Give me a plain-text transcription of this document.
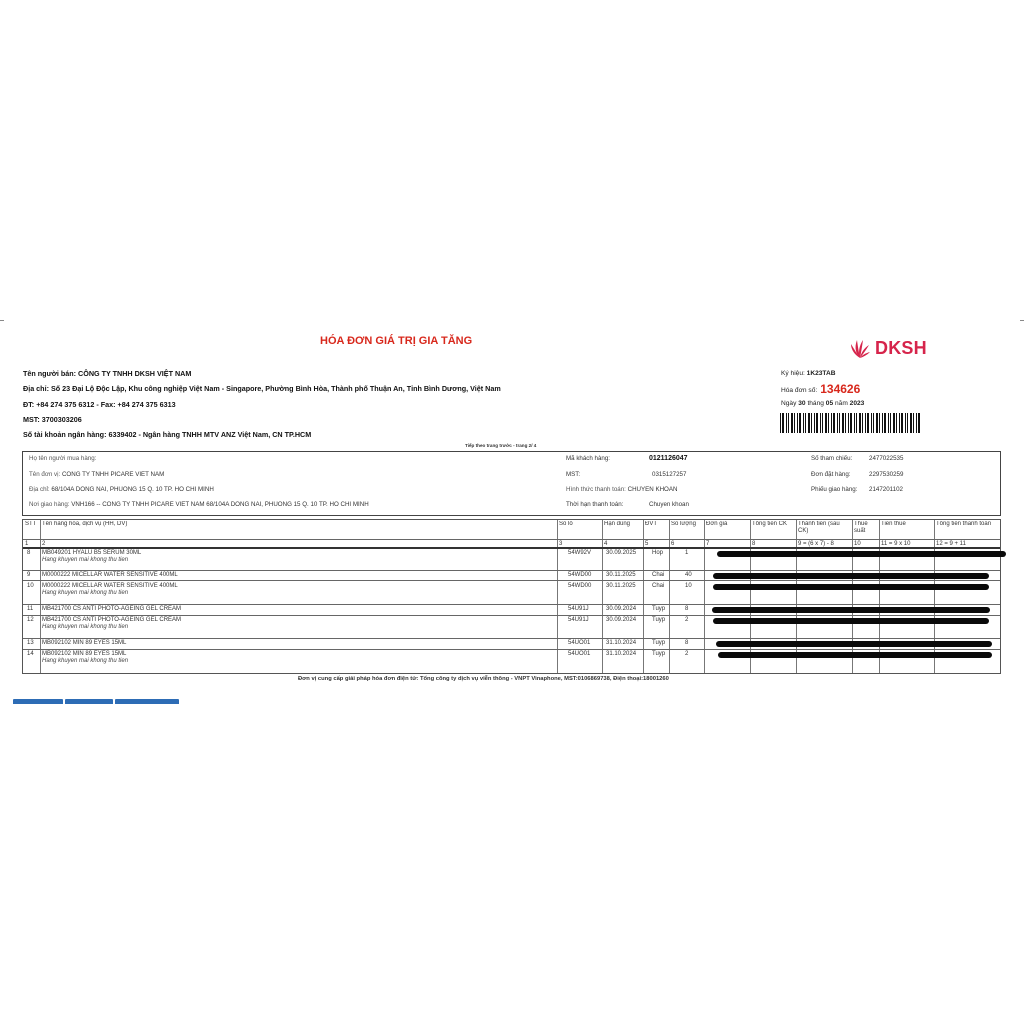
HÓA ĐƠN GIÁ TRỊ GIA TĂNG	DKSH
Tên người bán: CÔNG TY TNHH DKSH VIỆT NAM
Địa chỉ: Số 23 Đại Lộ Độc Lập, Khu công nghiệp Việt Nam - Singapore, Phường Bình Hòa, Thành phố Thuận An, Tỉnh Bình Dương, Việt Nam
ĐT: +84 274 375 6312 - Fax: +84 274 375 6313
MST: 3700303206
Số tài khoản ngân hàng: 6339402 - Ngân hàng TNHH MTV ANZ Việt Nam, CN TP.HCM
Ký hiệu: 1K23TAB
Hóa đơn số: 134626
Ngày 30 tháng 05 năm 2023
Tiếp theo trang trước - trang 2/ 4
Họ tên người mua hàng:
Tên đơn vị: CONG TY TNHH PICARE VIET NAM
Địa chỉ: 68/104A DONG NAI, PHUONG 15 Q. 10 TP. HO CHI MINH
Nơi giao hàng: VNH166 -- CONG TY TNHH PICARE VIET NAM 68/104A DONG NAI, PHUONG 15 Q. 10 TP. HO CHI MINH
Mã khách hàng:	0121126047
MST:	0315127257
Hình thức thanh toán: CHUYEN KHOAN
Thời hạn thanh toán:	Chuyen khoan
Số tham chiếu:	2477022535
Đơn đặt hàng:	2297530259
Phiếu giao hàng: 2147201102
STT Tên hàng hóa, dịch vụ (HH, DV)	Số lô	Hạn dùng	ĐVT	Số lượng	Đơn giá	Tổng tiền CK	Thành tiền (sau CK)
Thuế suất
Tiền thuế	Tổng tiền thanh toán
1 2	3	4	5	6	7	8	9 = (6 x 7) - 8	10	11 = 9 x 10	12 = 9 + 11
8 MB049201 HYALU B5 SERUM 30ML
Hang khuyen mai khong thu tien
54W92V 30.09.2025	Hop	1
9 M0000222 MICELLAR WATER SENSITIVE 400ML	54WD00 30.11.2025	Chai	40
10 M0000222 MICELLAR WATER SENSITIVE 400ML
Hang khuyen mai khong thu tien
54WD00 30.11.2025	Chai	10
11 MB421700 CS ANTI PHOTO-AGEING GEL CREAM	54U91J	30.09.2024	Tuyp	8
12 MB421700 CS ANTI PHOTO-AGEING GEL CREAM
Hang khuyen mai khong thu tien
54U91J	30.09.2024	Tuyp	2
13 MB092102 MIN 89 EYES 15ML	54UO01	31.10.2024	Tuyp	8
14 MB092102 MIN 89 EYES 15ML
Hang khuyen mai khong thu tien
54UO01	31.10.2024	Tuyp	2
Đơn vị cung cấp giải pháp hóa đơn điện tử: Tổng công ty dịch vụ viễn thông - VNPT Vinaphone, MST:0106869738, Điện thoại:18001260
